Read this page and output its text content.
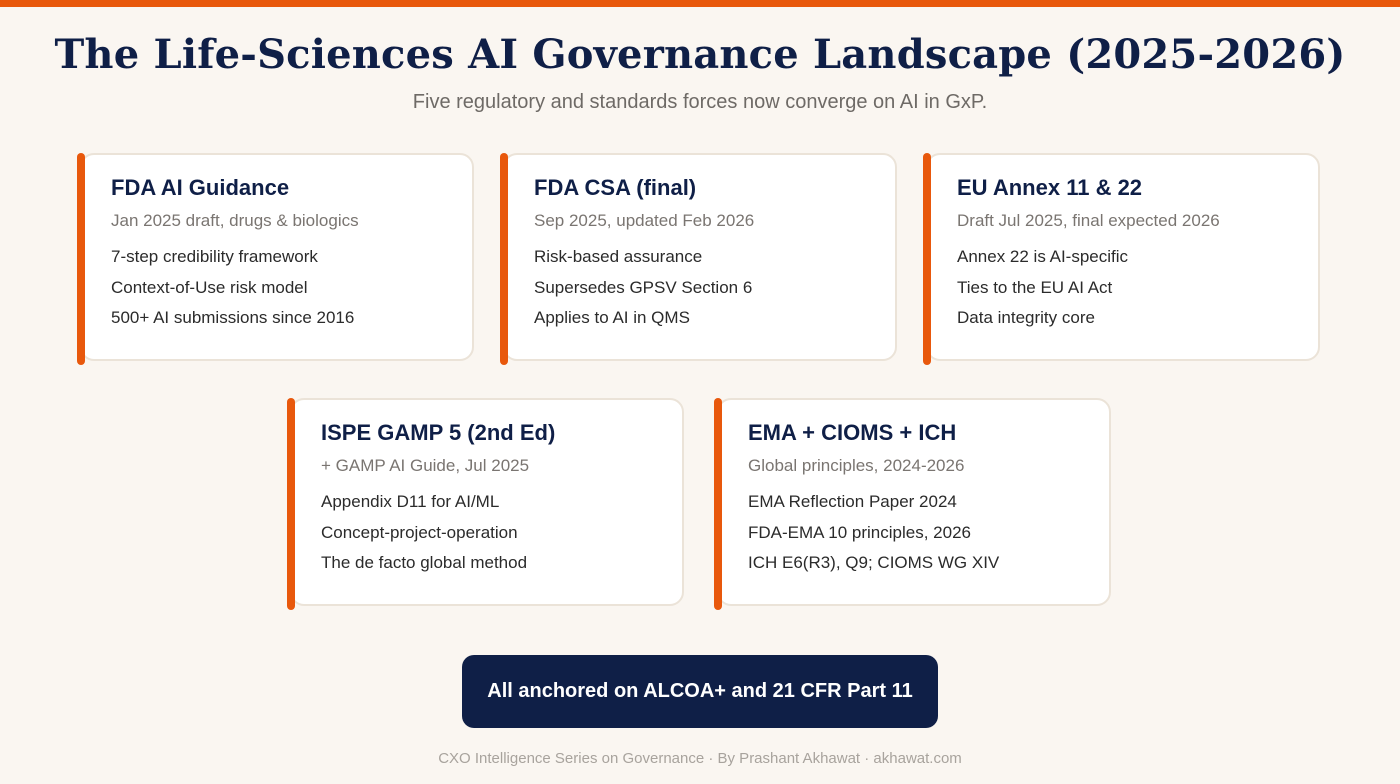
The Life-Sciences AI Governance Landscape (2025-2026)
Five regulatory and standards forces now converge on AI in GxP.
FDA AI Guidance
Jan 2025 draft, drugs & biologics
7-step credibility framework
Context-of-Use risk model
500+ AI submissions since 2016
FDA CSA (final)
Sep 2025, updated Feb 2026
Risk-based assurance
Supersedes GPSV Section 6
Applies to AI in QMS
EU Annex 11 & 22
Draft Jul 2025, final expected 2026
Annex 22 is AI-specific
Ties to the EU AI Act
Data integrity core
ISPE GAMP 5 (2nd Ed)
+ GAMP AI Guide, Jul 2025
Appendix D11 for AI/ML
Concept-project-operation
The de facto global method
EMA + CIOMS + ICH
Global principles, 2024-2026
EMA Reflection Paper 2024
FDA-EMA 10 principles, 2026
ICH E6(R3), Q9; CIOMS WG XIV
All anchored on ALCOA+ and 21 CFR Part 11
CXO Intelligence Series on Governance · By Prashant Akhawat · akhawat.com
